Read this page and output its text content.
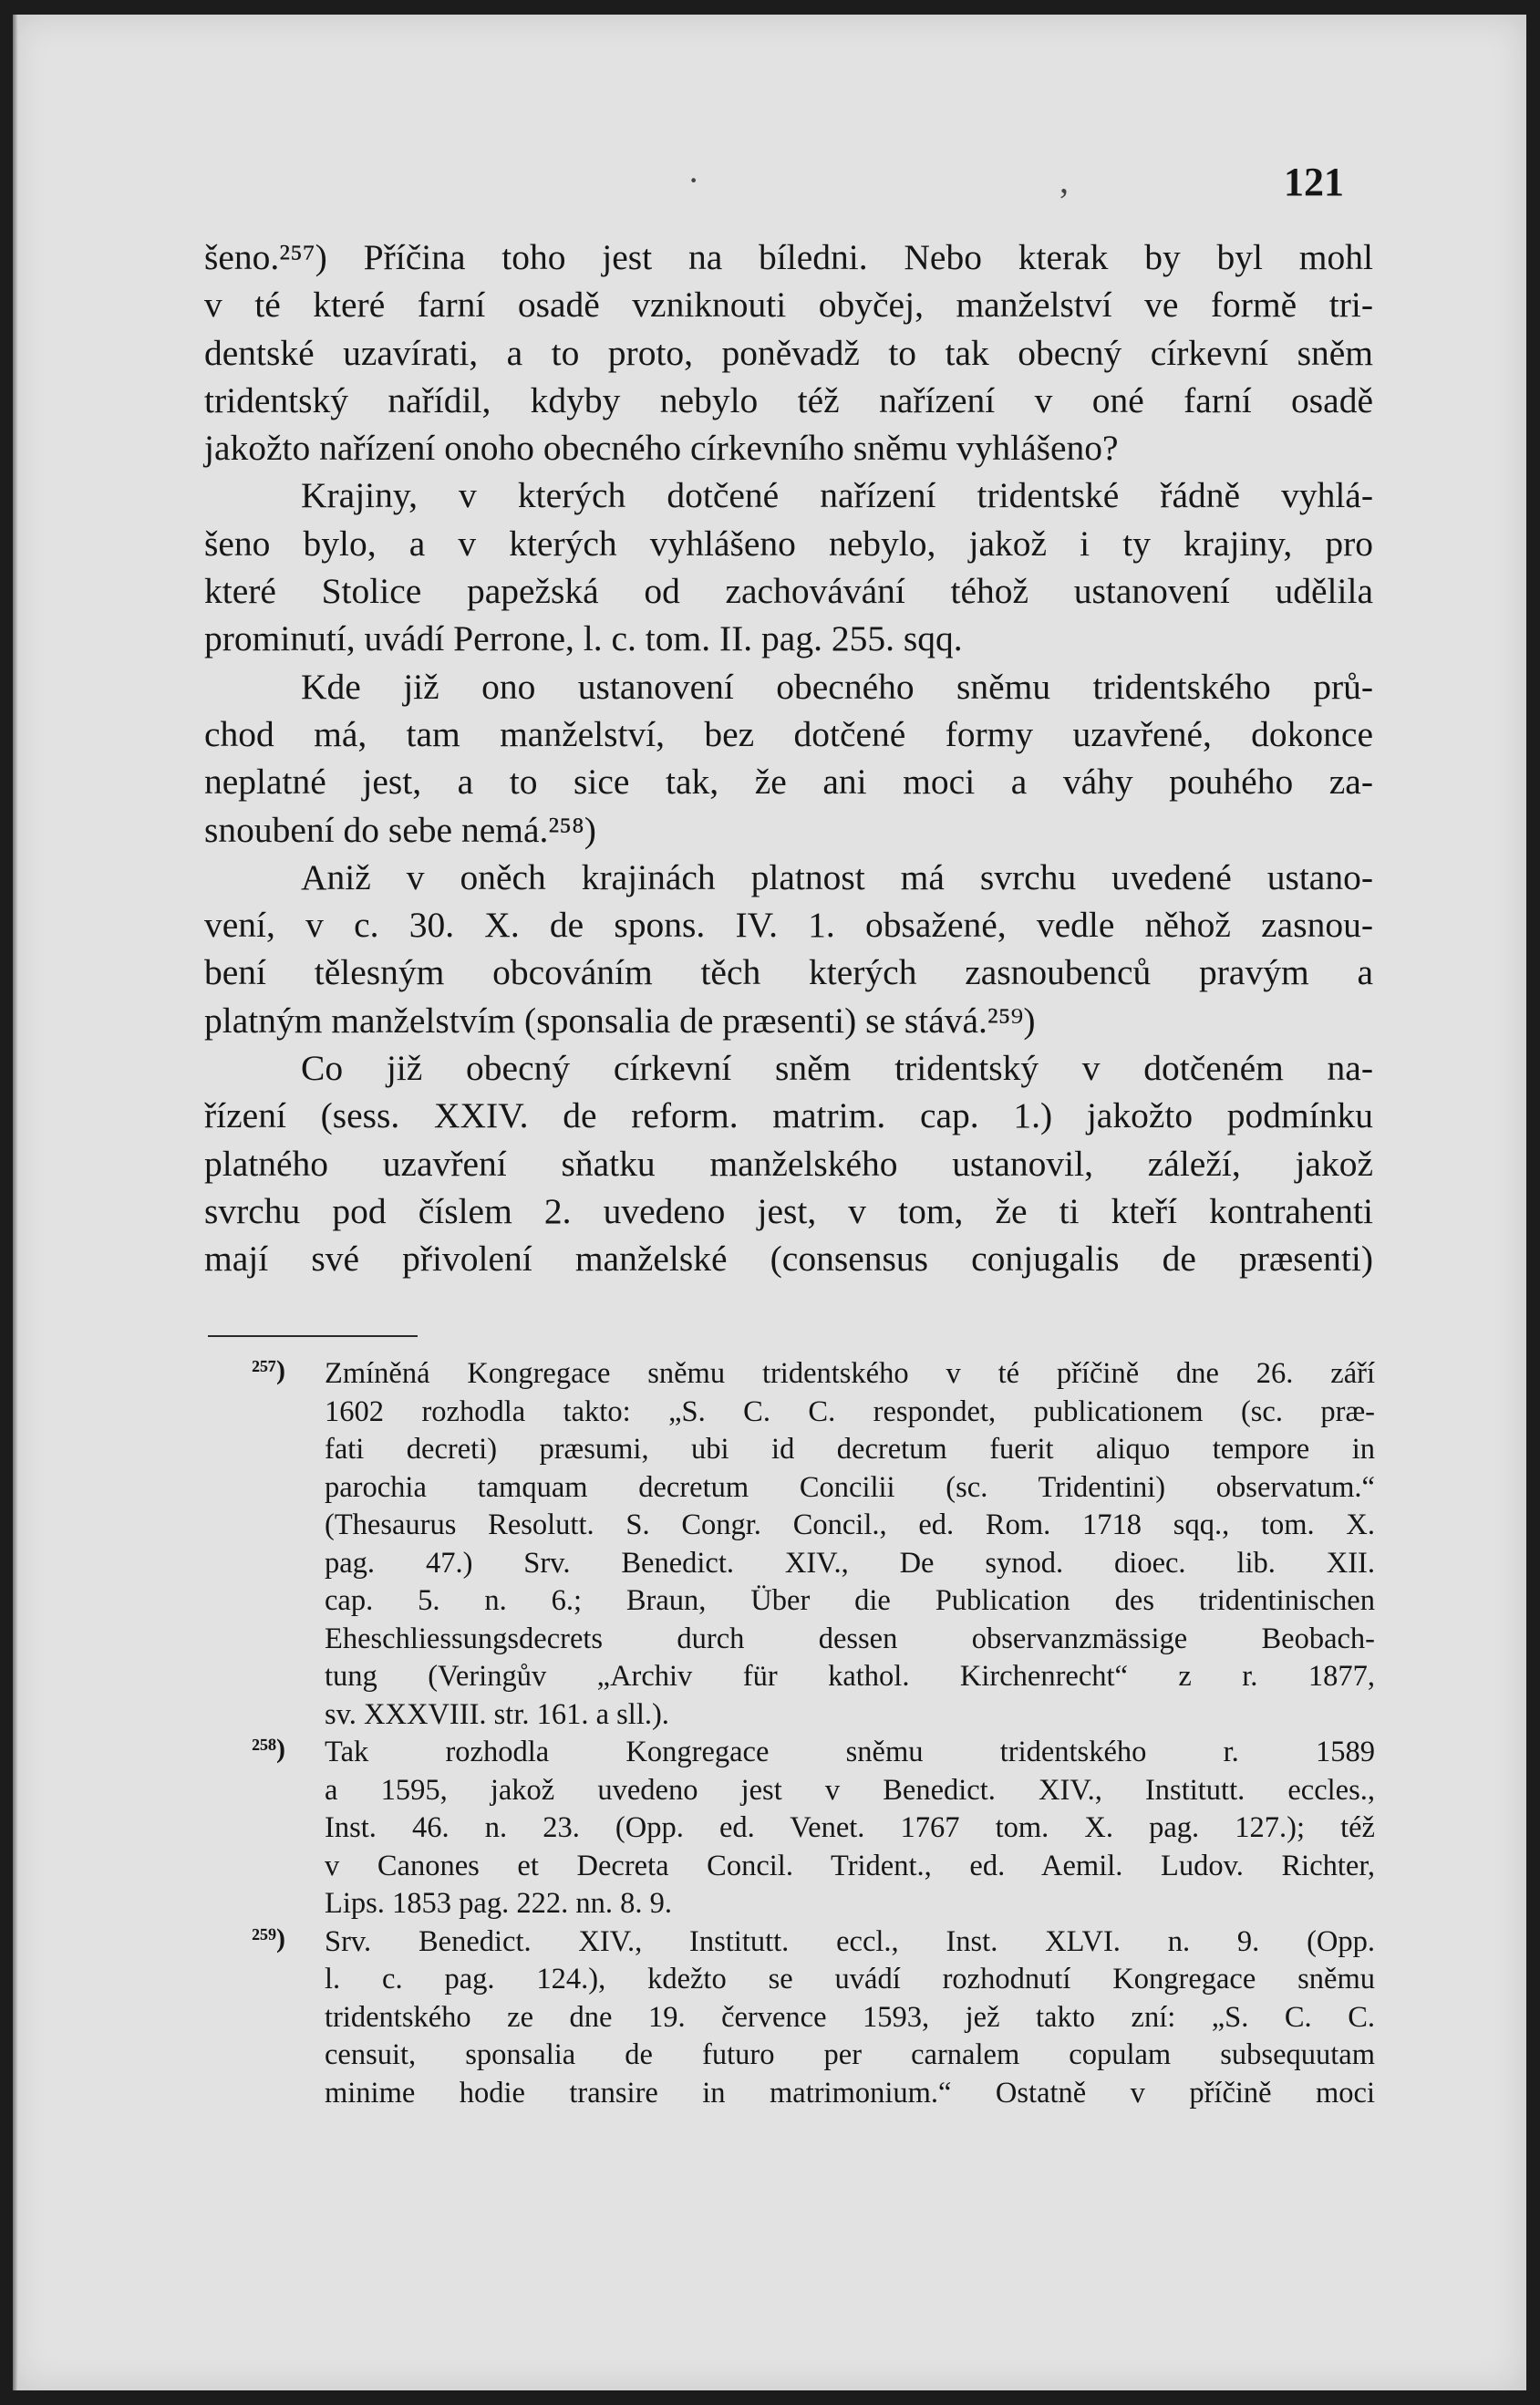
·	,	121
šeno.²⁵⁷) Příčina toho jest na bíledni. Nebo kterak by byl mohl
v té které farní osadě vzniknouti obyčej, manželství ve formě tri-
dentské uzavírati, a to proto, poněvadž to tak obecný církevní sněm
tridentský nařídil, kdyby nebylo též nařízení v oné farní osadě
jakožto nařízení onoho obecného církevního sněmu vyhlášeno?
Krajiny, v kterých dotčené nařízení tridentské řádně vyhlá-
šeno bylo, a v kterých vyhlášeno nebylo, jakož i ty krajiny, pro
které Stolice papežská od zachovávání téhož ustanovení udělila
prominutí, uvádí Perrone, l. c. tom. II. pag. 255. sqq.
Kde již ono ustanovení obecného sněmu tridentského prů-
chod má, tam manželství, bez dotčené formy uzavřené, dokonce
neplatné jest, a to sice tak, že ani moci a váhy pouhého za-
snoubení do sebe nemá.²⁵⁸)
Aniž v oněch krajinách platnost má svrchu uvedené ustano-
vení, v c. 30. X. de spons. IV. 1. obsažené, vedle něhož zasnou-
bení tělesným obcováním těch kterých zasnoubenců pravým a
platným manželstvím (sponsalia de præsenti) se stává.²⁵⁹)
Co již obecný církevní sněm tridentský v dotčeném na-
řízení (sess. XXIV. de reform. matrim. cap. 1.) jakožto podmínku
platného uzavření sňatku manželského ustanovil, záleží, jakož
svrchu pod číslem 2. uvedeno jest, v tom, že ti kteří kontrahenti
mají své přivolení manželské (consensus conjugalis de præsenti)
²⁵⁷) Zmíněná Kongregace sněmu tridentského v té příčině dne 26. září
1602 rozhodla takto: „S. C. C. respondet, publicationem (sc. præ-
fati decreti) præsumi, ubi id decretum fuerit aliquo tempore in
parochia tamquam decretum Concilii (sc. Tridentini) observatum.“
(Thesaurus Resolutt. S. Congr. Concil., ed. Rom. 1718 sqq., tom. X.
pag. 47.) Srv. Benedict. XIV., De synod. dioec. lib. XII.
cap. 5. n. 6.; Braun, Über die Publication des tridentinischen
Eheschliessungsdecrets durch dessen observanzmässige Beobach-
tung (Veringův „Archiv für kathol. Kirchenrecht“ z r. 1877,
sv. XXXVIII. str. 161. a sll.).
²⁵⁸) Tak rozhodla Kongregace sněmu tridentského r. 1589
a 1595, jakož uvedeno jest v Benedict. XIV., Institutt. eccles.,
Inst. 46. n. 23. (Opp. ed. Venet. 1767 tom. X. pag. 127.); též
v Canones et Decreta Concil. Trident., ed. Aemil. Ludov. Richter,
Lips. 1853 pag. 222. nn. 8. 9.
²⁵⁹) Srv. Benedict. XIV., Institutt. eccl., Inst. XLVI. n. 9. (Opp.
l. c. pag. 124.), kdežto se uvádí rozhodnutí Kongregace sněmu
tridentského ze dne 19. července 1593, jež takto zní: „S. C. C.
censuit, sponsalia de futuro per carnalem copulam subsequutam
minime hodie transire in matrimonium.“ Ostatně v příčině moci
